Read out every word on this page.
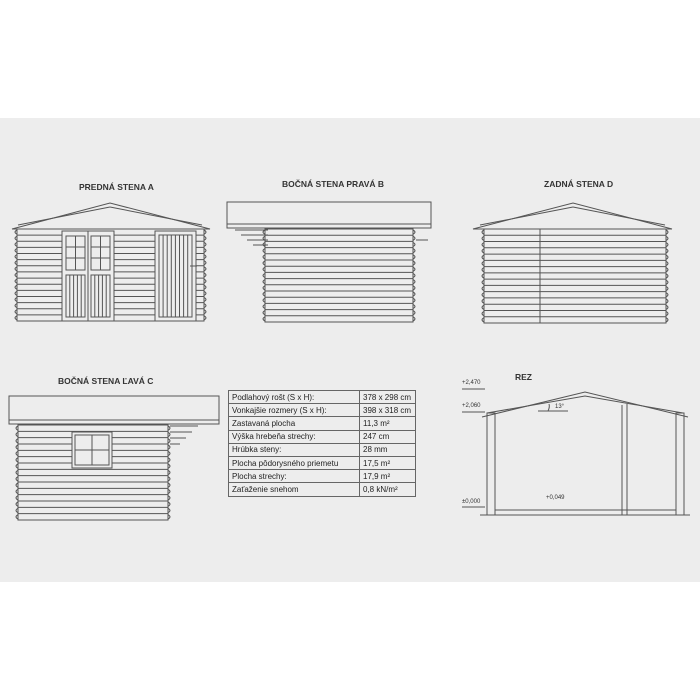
PREDNÁ STENA A	BOČNÁ STENA PRAVÁ B	ZADNÁ STENA D
BOČNÁ STENA ĽAVÁ C	REZ
+2,470
+2,060
±0,000
+0,049
13°
Podlahový rošt (S x H):	378 x 298 cm
Vonkajšie rozmery (S x H):	398 x 318 cm
Zastavaná plocha	11,3 m²
Výška hrebeňa strechy:	247 cm
Hrúbka steny:	28 mm
Plocha pôdorysného priemetu	17,5 m²
Plocha strechy:	17,9 m²
Zaťaženie snehom	0,8 kN/m²
